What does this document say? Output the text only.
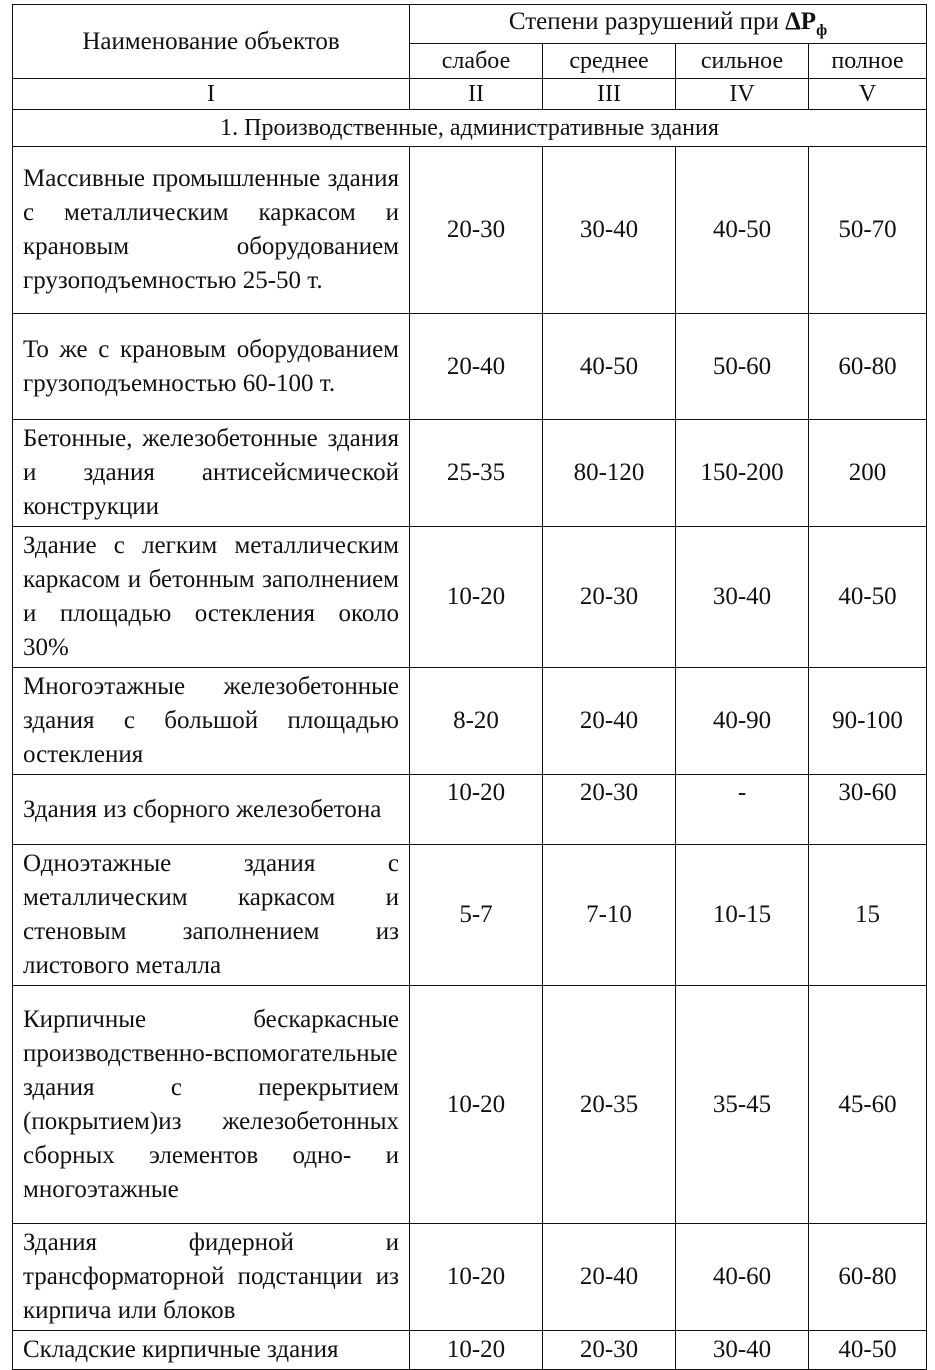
Наименование объектов	Степени разрушений при $\Delta P_ф$
	слабое	среднее	сильное	полное
I	II	III	IV	V
1. Производственные, административные здания				
Массивные промышленные здания с металлическим каркасом и крановым оборудованием грузоподъемностью 25-50 т.	20-30	30-40	40-50	50-70
То же с крановым оборудованием грузоподъемностью 60-100 т.	20-40	40-50	50-60	60-80
Бетонные, железобетонные здания и здания антисейсмической конструкции	25-35	80-120	150-200	200
Здание с легким металлическим каркасом и бетонным заполнением и площадью остекления около 30%	10-20	20-30	30-40	40-50
Многоэтажные железобетонные здания с большой площадью остекления	8-20	20-40	40-90	90-100
Здания из сборного железобетона	10-20	20-30	-	30-60
Одноэтажные здания с металлическим каркасом и стеновым заполнением из листового металла	5-7	7-10	10-15	15
Кирпичные бескаркасные производственно-вспомогательные здания с перекрытием (покрытием)из железобетонных сборных элементов одно- и многоэтажные	10-20	20-35	35-45	45-60
Здания фидерной и трансформаторной подстанции из кирпича или блоков	10-20	20-40	40-60	60-80
Складские кирпичные здания	10-20	20-30	30-40	40-50
